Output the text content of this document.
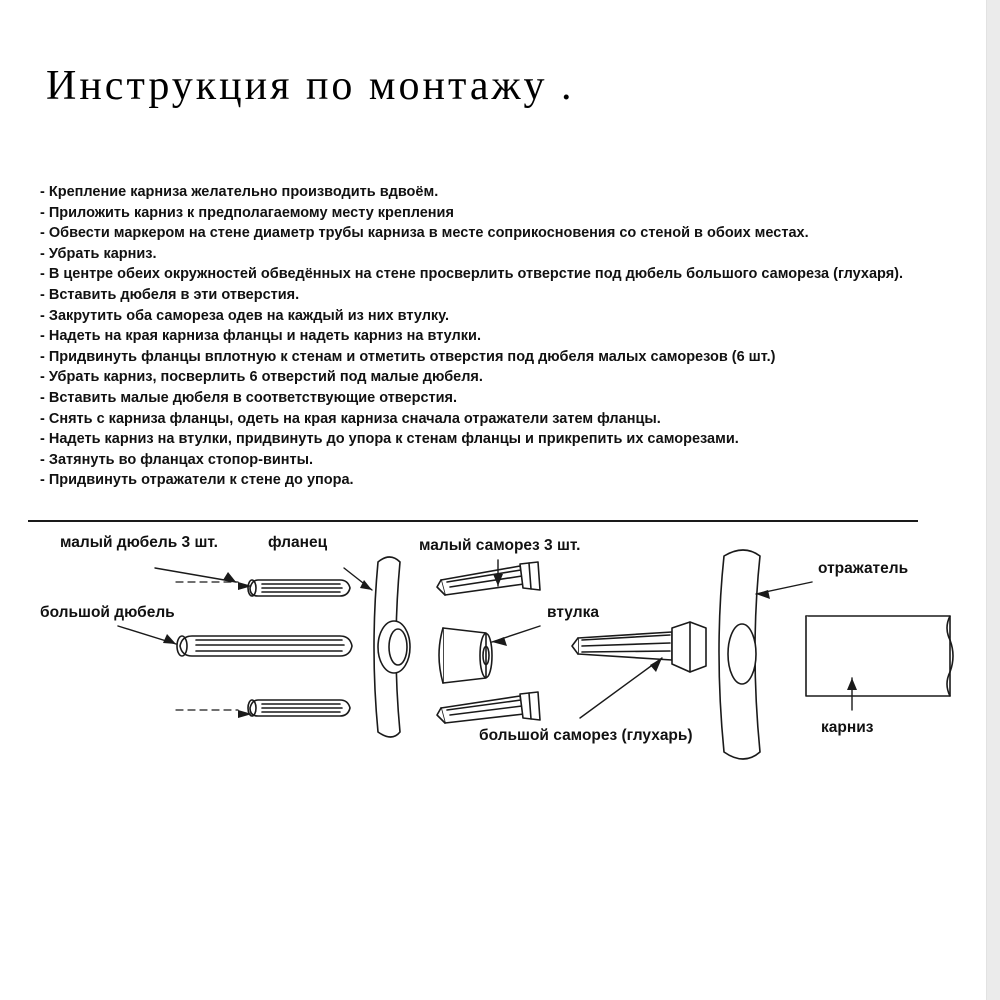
Инструкция по монтажу .
- Крепление карниза желательно производить вдвоём.
- Приложить карниз к предполагаемому месту крепления
- Обвести маркером на стене диаметр трубы карниза в месте соприкосновения со стеной в обоих местах.
- Убрать карниз.
- В центре обеих окружностей обведённых на стене просверлить отверстие под дюбель большого самореза (глухаря).
- Вставить дюбеля в эти отверстия.
- Закрутить оба самореза одев на каждый из них втулку.
- Надеть на края карниза фланцы и надеть карниз на втулки.
- Придвинуть фланцы вплотную к стенам и отметить отверстия под дюбеля малых саморезов (6 шт.)
- Убрать карниз, посверлить 6 отверстий под малые дюбеля.
- Вставить малые дюбеля в соответствующие отверстия.
- Снять с карниза фланцы, одеть на края карниза сначала отражатели затем фланцы.
- Надеть карниз на втулки, придвинуть до упора к стенам фланцы и прикрепить их саморезами.
- Затянуть во фланцах стопор-винты.
- Придвинуть отражатели к стене до упора.
малый дюбель 3 шт.	фланец	малый саморез 3 шт.
отражатель
большой дюбель	втулка
большой саморез (глухарь)	карниз
